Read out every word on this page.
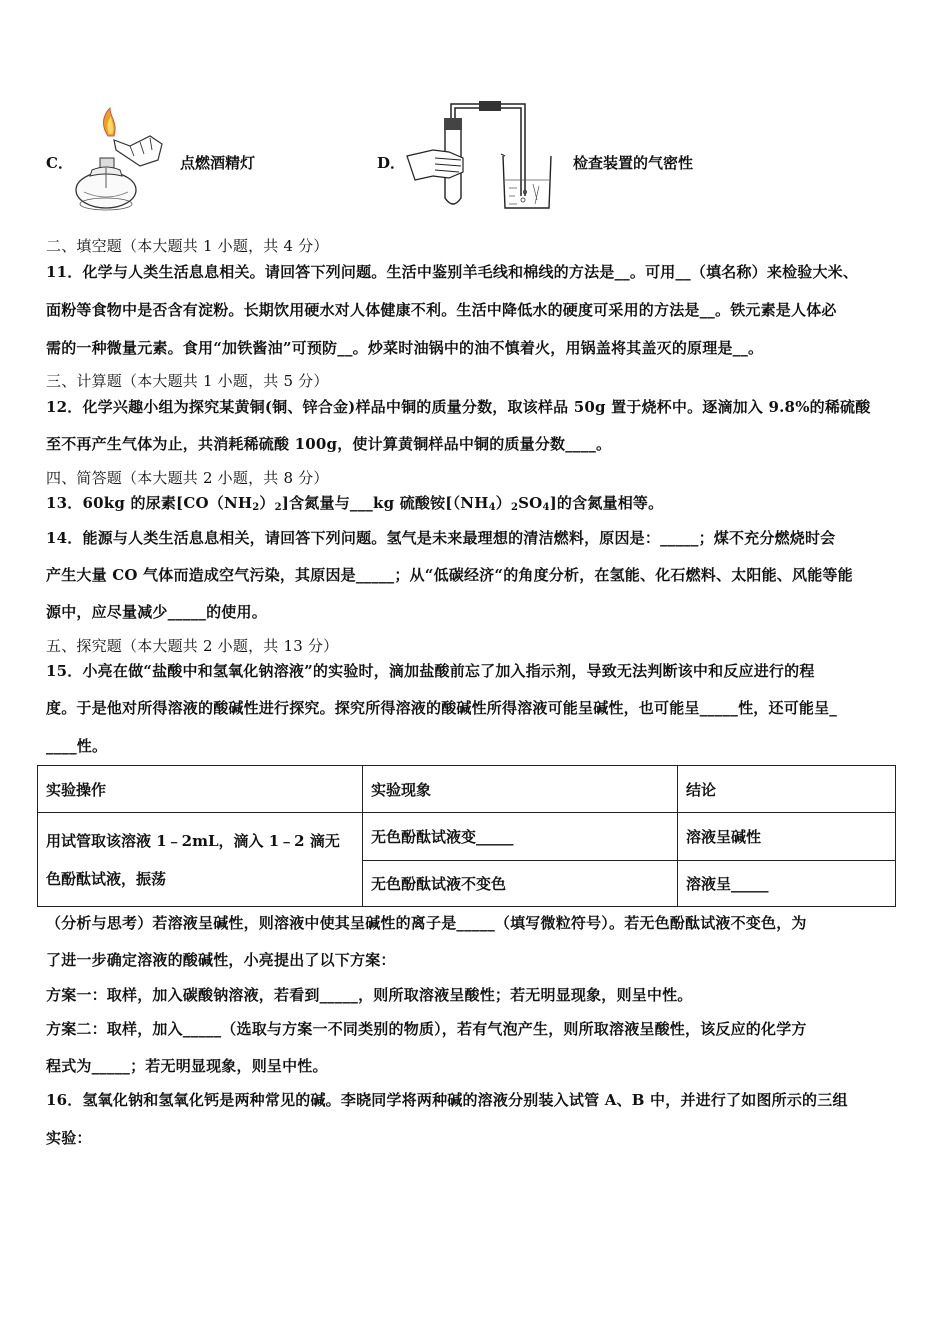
C．	点燃酒精灯	D．	检查装置的气密性
二、填空题（本大题共 1 小题，共 4 分）
11．化学与人类生活息息相关。请回答下列问题。生活中鉴别羊毛线和棉线的方法是__。可用__（填名称）来检验大米、
面粉等食物中是否含有淀粉。长期饮用硬水对人体健康不利。生活中降低水的硬度可采用的方法是__。铁元素是人体必
需的一种微量元素。食用“加铁酱油”可预防__。炒菜时油锅中的油不慎着火，用锅盖将其盖灭的原理是__。
三、计算题（本大题共 1 小题，共 5 分）
12．化学兴趣小组为探究某黄铜(铜、锌合金)样品中铜的质量分数，取该样品 50g 置于烧杯中。逐滴加入 9.8%的稀硫酸
至不再产生气体为止，共消耗稀硫酸 100g，使计算黄铜样品中铜的质量分数____。
四、简答题（本大题共 2 小题，共 8 分）
13．60kg 的尿素$[CO(NH_2)_2]$含氮量与___kg 硫酸铵$[(NH_4)_2SO_4]$的含氮量相等。
14．能源与人类生活息息相关，请回答下列问题。氢气是未来最理想的清洁燃料，原因是：_____；煤不充分燃烧时会
产生大量 CO 气体而造成空气污染，其原因是_____；从“低碳经济“的角度分析，在氢能、化石燃料、太阳能、风能等能
源中，应尽量减少_____的使用。
五、探究题（本大题共 2 小题，共 13 分）
15．小亮在做“盐酸中和氢氧化钠溶液”的实验时，滴加盐酸前忘了加入指示剂，导致无法判断该中和反应进行的程
度。于是他对所得溶液的酸碱性进行探究。探究所得溶液的酸碱性所得溶液可能呈碱性，也可能呈_____性，还可能呈_
____性。
实验操作	实验现象	结论

用试管取该溶液 1﹣2mL，滴入 1﹣2 滴无
色酚酞试液，振荡	无色酚酞试液变_____	溶液呈碱性
	无色酚酞试液不变色	溶液呈_____
（分析与思考）若溶液呈碱性，则溶液中使其呈碱性的离子是_____（填写微粒符号）。若无色酚酞试液不变色，为
了进一步确定溶液的酸碱性，小亮提出了以下方案：
方案一：取样，加入碳酸钠溶液，若看到_____，则所取溶液呈酸性；若无明显现象，则呈中性。
方案二：取样，加入_____（选取与方案一不同类别的物质），若有气泡产生，则所取溶液呈酸性，该反应的化学方
程式为_____；若无明显现象，则呈中性。
16．氢氧化钠和氢氧化钙是两种常见的碱。李晓同学将两种碱的溶液分别装入试管 A、B 中，并进行了如图所示的三组
实验：
